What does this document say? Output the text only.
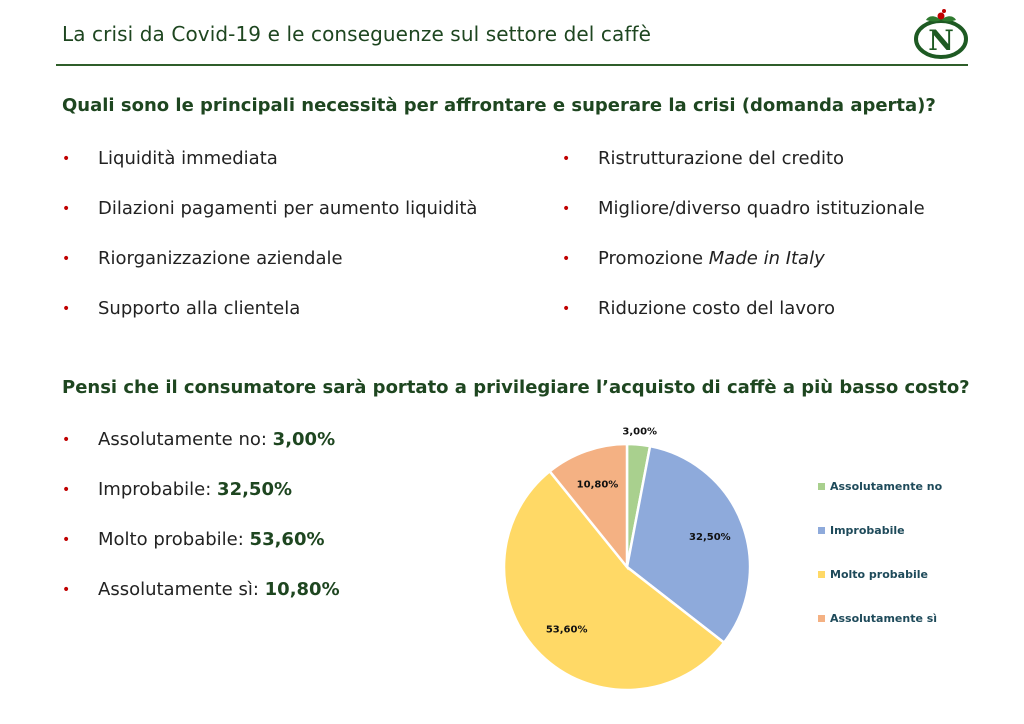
La crisi da Covid-19 e le conseguenze sul settore del caffè	N
Quali sono le principali necessità per affrontare e superare la crisi (domanda aperta)?
• Liquidità immediata
• Dilazioni pagamenti per aumento liquidità
• Riorganizzazione aziendale
• Supporto alla clientela
• Ristrutturazione del credito
• Migliore/diverso quadro istituzionale
• Promozione Made in Italy
• Riduzione costo del lavoro
Pensi che il consumatore sarà portato a privilegiare l’acquisto di caffè a più basso costo?
• Assolutamente no: 3,00%
• Improbabile: 32,50%
• Molto probabile: 53,60%
• Assolutamente sì: 10,80%
3,00%
32,50%
53,60%
10,80%	Assolutamente no
Improbabile
Molto probabile
Assolutamente sì
